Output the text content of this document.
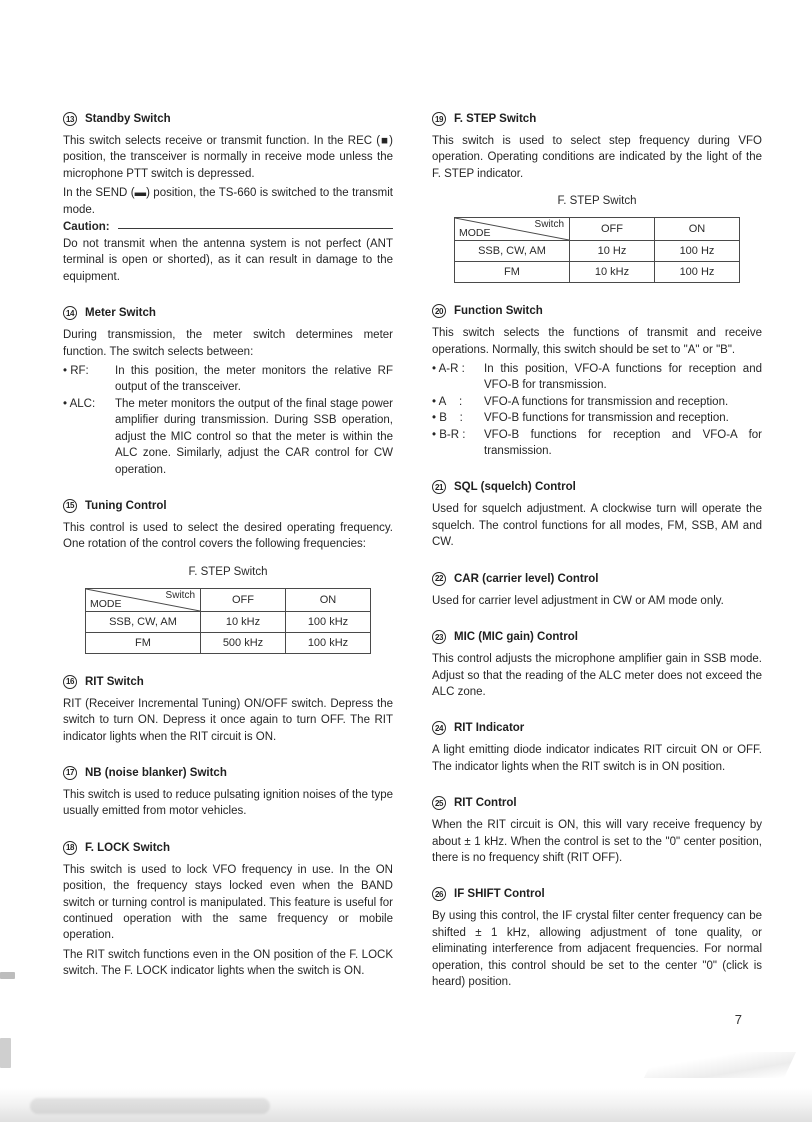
13 Standby Switch

This switch selects receive or transmit function. In the REC (■) position, the transceiver is normally in receive mode unless the microphone PTT switch is depressed.

In the SEND (▬) position, the TS-660 is switched to the transmit mode.

Caution:

Do not transmit when the antenna system is not perfect (ANT terminal is open or shorted), as it can result in damage to the equipment.

14 Meter Switch

During transmission, the meter switch determines meter function. The switch selects between:

• RF:	In this position, the meter monitors the relative RF output of the transceiver.
• ALC:	The meter monitors the output of the final stage power amplifier during transmission. During SSB operation, adjust the MIC control so that the meter is within the ALC zone. Similarly, adjust the CAR control for CW operation.
15 Tuning Control

This control is used to select the desired operating frequency. One rotation of the control covers the following frequencies:

F. STEP Switch
Switch
MODE	OFF	ON
SSB, CW, AM	10 kHz	100 kHz
FM	500 kHz	100 kHz
16 RIT Switch

RIT (Receiver Incremental Tuning) ON/OFF switch. Depress the switch to turn ON. Depress it once again to turn OFF. The RIT indicator lights when the RIT circuit is ON.

17 NB (noise blanker) Switch

This switch is used to reduce pulsating ignition noises of the type usually emitted from motor vehicles.

18 F. LOCK Switch

This switch is used to lock VFO frequency in use. In the ON position, the frequency stays locked even when the BAND switch or turning control is manipulated. This feature is useful for continued operation with the same frequency or mobile operation.

The RIT switch functions even in the ON position of the F. LOCK switch. The F. LOCK indicator lights when the switch is ON.

19 F. STEP Switch

This switch is used to select step frequency during VFO operation. Operating conditions are indicated by the light of the F. STEP indicator.

F. STEP Switch
Switch
MODE	OFF	ON
SSB, CW, AM	10 Hz	100 Hz
FM	10 kHz	100 Hz
20 Function Switch

This switch selects the functions of transmit and receive operations. Normally, this switch should be set to "A" or "B".

• A-R :	In this position, VFO-A functions for reception and VFO-B for transmission.
• A    :	VFO-A functions for transmission and reception.
• B    :	VFO-B functions for transmission and reception.
• B-R :	VFO-B functions for reception and VFO-A for transmission.
21 SQL (squelch) Control

Used for squelch adjustment. A clockwise turn will operate the squelch. The control functions for all modes, FM, SSB, AM and CW.

22 CAR (carrier level) Control

Used for carrier level adjustment in CW or AM mode only.

23 MIC (MIC gain) Control

This control adjusts the microphone amplifier gain in SSB mode. Adjust so that the reading of the ALC meter does not exceed the ALC zone.

24 RIT Indicator

A light emitting diode indicator indicates RIT circuit ON or OFF. The indicator lights when the RIT switch is in ON position.

25 RIT Control

When the RIT circuit is ON, this will vary receive frequency by about ± 1 kHz. When the control is set to the "0" center position, there is no frequency shift (RIT OFF).

26 IF SHIFT Control

By using this control, the IF crystal filter center frequency can be shifted ± 1 kHz, allowing adjustment of tone quality, or eliminating interference from adjacent frequencies. For normal operation, this control should be set to the center "0" (click is heard) position.

7
